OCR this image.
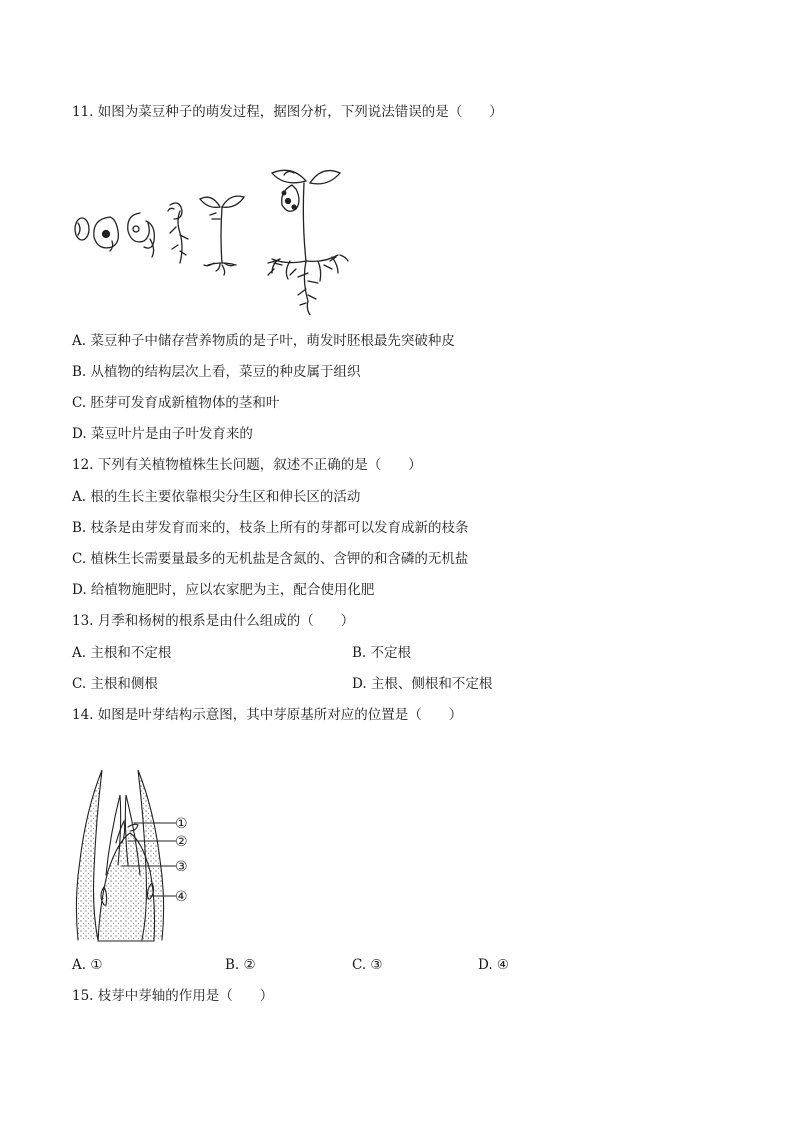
11. 如图为菜豆种子的萌发过程，据图分析，下列说法错误的是（　　）
A. 菜豆种子中储存营养物质的是子叶，萌发时胚根最先突破种皮
B. 从植物的结构层次上看，菜豆的种皮属于组织
C. 胚芽可发育成新植物体的茎和叶
D. 菜豆叶片是由子叶发育来的
12. 下列有关植物植株生长问题，叙述不正确的是（　　）
A. 根的生长主要依靠根尖分生区和伸长区的活动
B. 枝条是由芽发育而来的，枝条上所有的芽都可以发育成新的枝条
C. 植株生长需要量最多的无机盐是含氮的、含钾的和含磷的无机盐
D. 给植物施肥时，应以农家肥为主，配合使用化肥
13. 月季和杨树的根系是由什么组成的（　　）
A. 主根和不定根	B. 不定根
C. 主根和侧根	D. 主根、侧根和不定根
14. 如图是叶芽结构示意图，其中芽原基所对应的位置是（　　）
①
②
③
④
A. ①	B. ②	C. ③	D. ④
15. 枝芽中芽轴的作用是（　　）
